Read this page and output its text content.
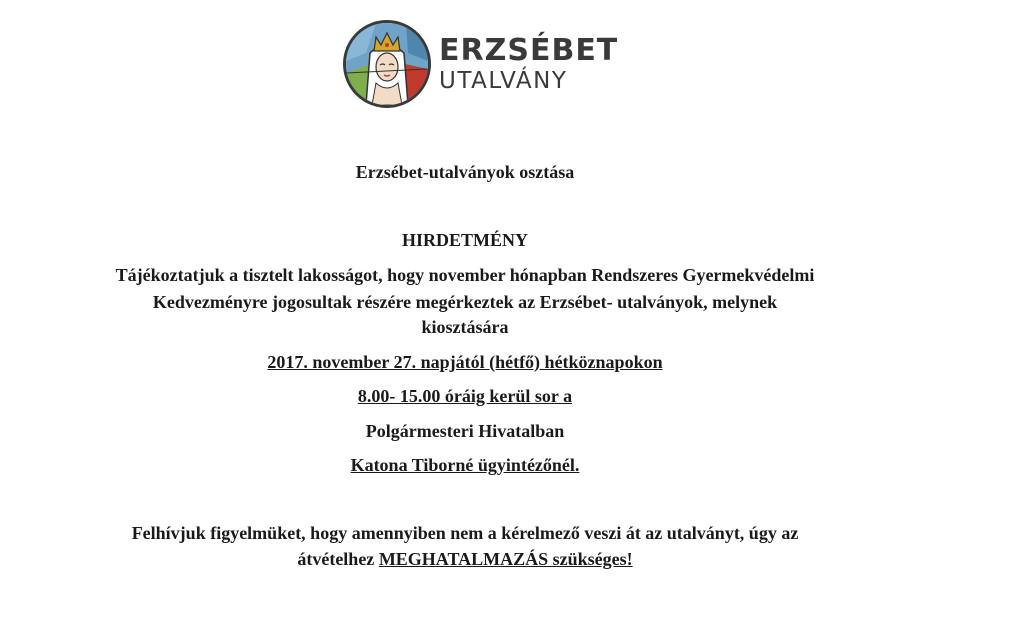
ERZSÉBET
UTALVÁNY
Erzsébet-utalványok osztása
HIRDETMÉNY
Tájékoztatjuk a tisztelt lakosságot, hogy november hónapban Rendszeres Gyermekvédelmi
Kedvezményre jogosultak részére megérkeztek az Erzsébet- utalványok, melynek
kiosztására
2017. november 27. napjától (hétfő) hétköznapokon
8.00- 15.00 óráig kerül sor a
Polgármesteri Hivatalban
Katona Tiborné ügyintézőnél.
Felhívjuk figyelmüket, hogy amennyiben nem a kérelmező veszi át az utalványt, úgy az
átvételhez MEGHATALMAZÁS szükséges!
